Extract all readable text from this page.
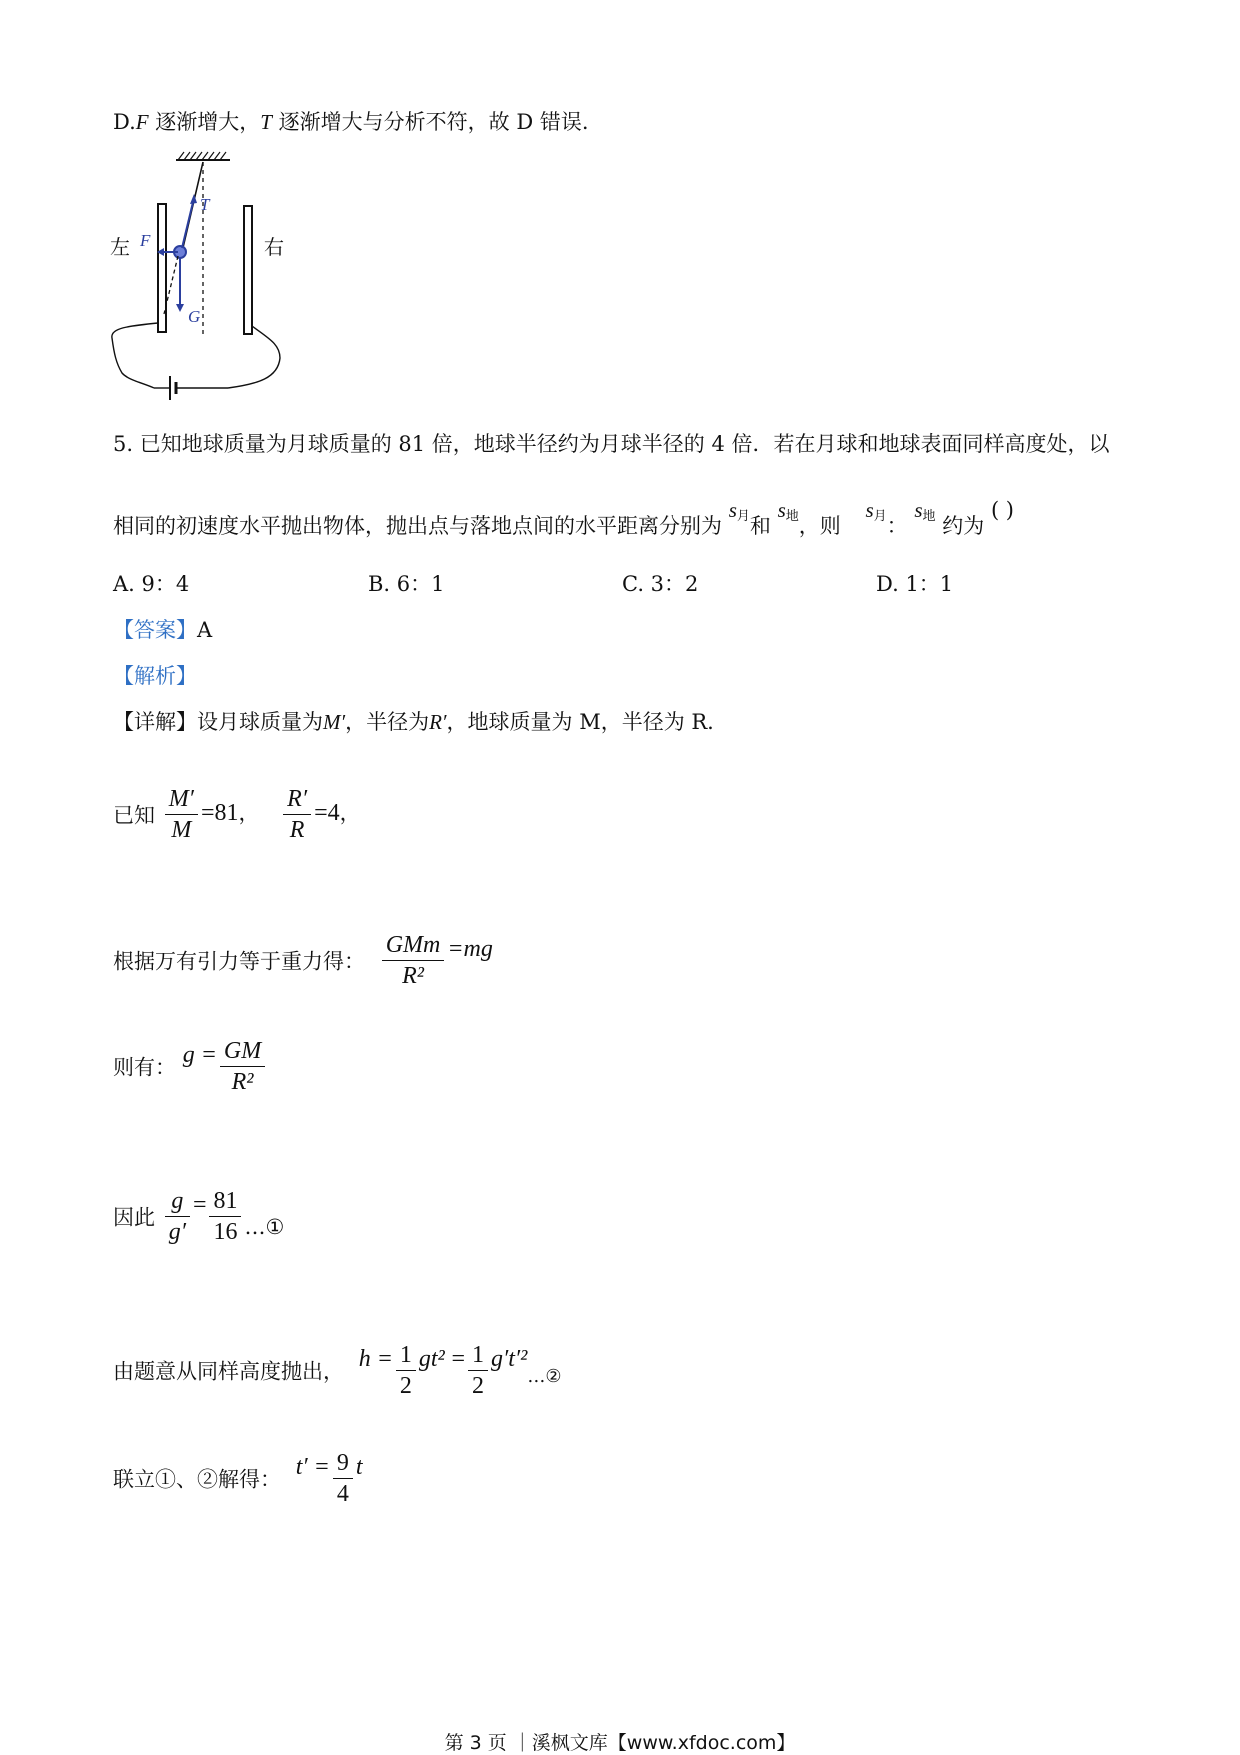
D.F 逐渐增大，T 逐渐增大与分析不符，故 D 错误.
左	右
F
T
G
5. 已知地球质量为月球质量的 81 倍，地球半径约为月球半径的 4 倍．若在月球和地球表面同样高度处，以
相同的初速度水平抛出物体，抛出点与落地点间的水平距离分别为 s月和 s地，则 s月： s地 约为 ( )
A. 9：4	B. 6：1	C. 3：2	D. 1：1
【答案】A
【解析】
【详解】设月球质量为M′，半径为R′，地球质量为 M，半径为 R.
已知 $\frac{M'}{M} =81$， $\frac{R'}{R} =4$，
根据万有引力等于重力得： $\frac{\text{GMm}}{\text{R²}} =mg$
则有： $g = \frac{GM}{\text{R²}}$
因此 $\frac{g}{g'} = \frac{81}{16}$ …①
由题意从同样高度抛出， $h = \frac{1}{2} gt^2 = \frac{1}{2}$ g′t′²…②
联立①、②解得： $t' = \frac{9}{4}$ t
第 3 页 ｜溪枫文库【www.xfdoc.com】
